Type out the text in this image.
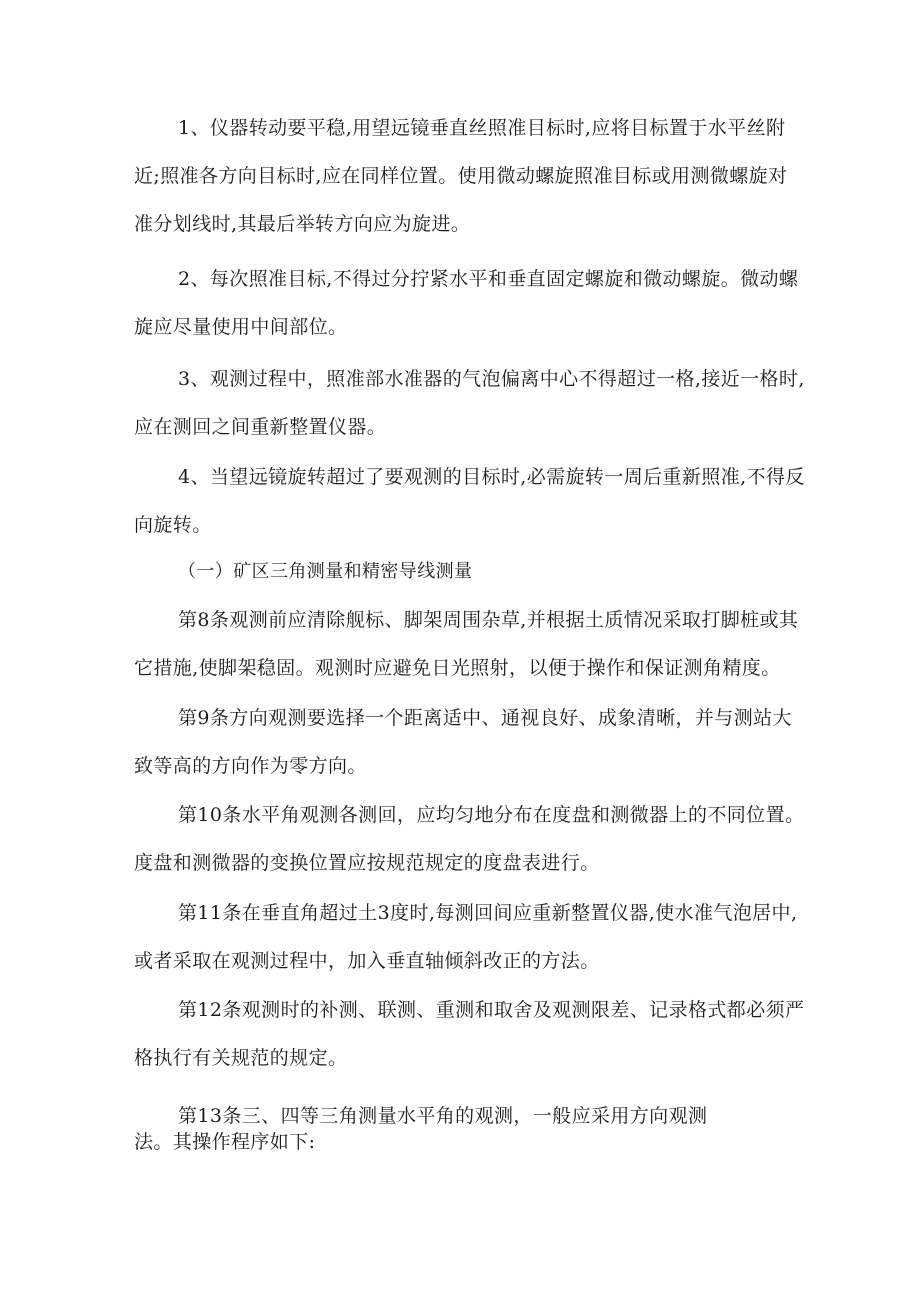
1、仪器转动要平稳,用望远镜垂直丝照准目标时,应将目标置于水平丝附近;照准各方向目标时,应在同样位置。使用微动螺旋照准目标或用测微螺旋对准分划线时,其最后举转方向应为旋进。

2、每次照准目标,不得过分拧紧水平和垂直固定螺旋和微动螺旋。微动螺旋应尽量使用中间部位。

3、观测过程中，照准部水准器的气泡偏离中心不得超过一格,接近一格时,应在测回之间重新整置仪器。

4、当望远镜旋转超过了要观测的目标时,必需旋转一周后重新照准,不得反向旋转。

（一）矿区三角测量和精密导线测量

第8条观测前应清除舰标、脚架周围杂草,并根据土质情况采取打脚桩或其它措施,使脚架稳固。观测时应避免日光照射，以便于操作和保证测角精度。

第9条方向观测要选择一个距离适中、通视良好、成象清晰，并与测站大致等高的方向作为零方向。

第10条水平角观测各测回，应均匀地分布在度盘和测微器上的不同位置。度盘和测微器的变换位置应按规范规定的度盘表进行。

第11条在垂直角超过土3度时,每测回间应重新整置仪器,使水准气泡居中,或者采取在观测过程中，加入垂直轴倾斜改正的方法。

第12条观测时的补测、联测、重测和取舍及观测限差、记录格式都必须严格执行有关规范的规定。

第13条三、四等三角测量水平角的观测，一般应采用方向观测
法。其操作程序如下:
